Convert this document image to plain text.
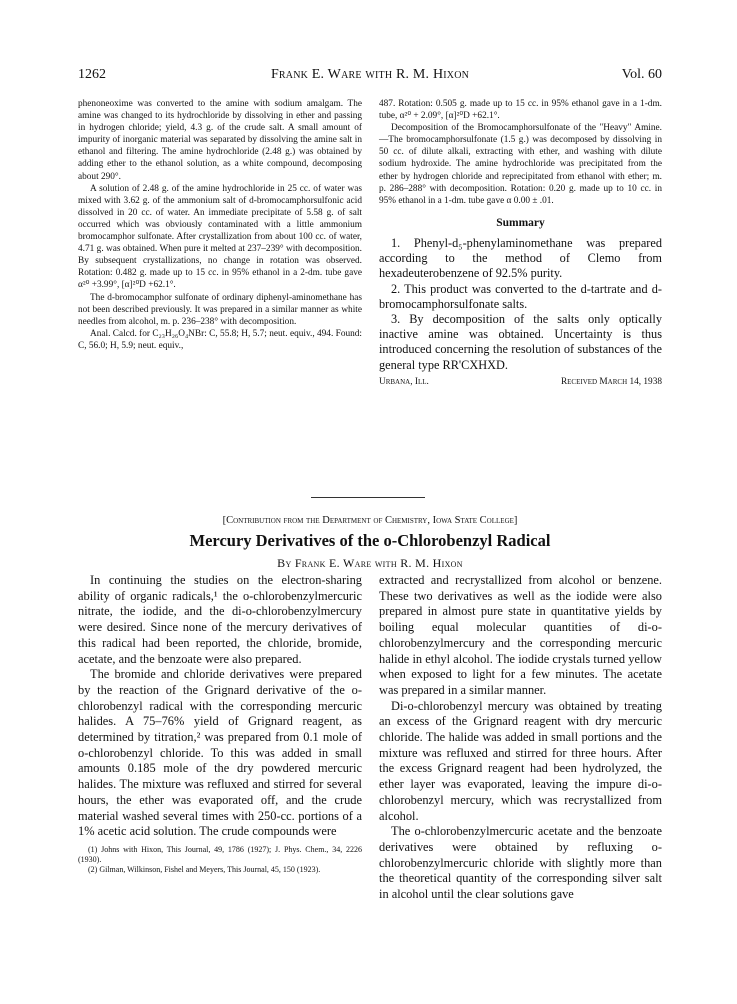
1262	Frank E. Ware with R. M. Hixon	Vol. 60

phenoneoxime was converted to the amine with sodium amalgam. The amine was changed to its hydrochloride by dissolving in ether and passing in hydrogen chloride; yield, 4.3 g. of the crude salt. A small amount of impurity of inorganic material was separated by dissolving the amine salt in ethanol and filtering. The amine hydrochloride (2.48 g.) was obtained by adding ether to the ethanol solution, as a white compound, decomposing about 290°.

A solution of 2.48 g. of the amine hydrochloride in 25 cc. of water was mixed with 3.62 g. of the ammonium salt of d-bromocamphorsulfonic acid dissolved in 20 cc. of water. An immediate precipitate of 5.58 g. of salt occurred which was obviously contaminated with a little ammonium bromocamphor sulfonate. After crystallization from about 100 cc. of water, 4.71 g. was obtained. When pure it melted at 237–239° with decomposition. By subsequent crystallizations, no change in rotation was observed. Rotation: 0.482 g. made up to 15 cc. in 95% ethanol in a 2-dm. tube gave α²⁰ +3.99°, [α]²⁰D +62.1°.

The d-bromocamphor sulfonate of ordinary diphenyl-aminomethane has not been described previously. It was prepared in a similar manner as white needles from alcohol, m. p. 236–238° with decomposition.

Anal. Calcd. for C₂₃H₂₆O₄NBr: C, 55.8; H, 5.7; neut. equiv., 494. Found: C, 56.0; H, 5.9; neut. equiv.,

487. Rotation: 0.505 g. made up to 15 cc. in 95% ethanol gave in a 1-dm. tube, α²⁰ + 2.09°, [α]²⁰D +62.1°.

Decomposition of the Bromocamphorsulfonate of the "Heavy" Amine.—The bromocamphorsulfonate (1.5 g.) was decomposed by dissolving in 50 cc. of dilute alkali, extracting with ether, and washing with dilute sodium hydroxide. The amine hydrochloride was precipitated from the ether by hydrogen chloride and reprecipitated from ethanol with ether; m. p. 286–288° with decomposition. Rotation: 0.20 g. made up to 10 cc. in 95% ethanol in a 1-dm. tube gave α 0.00 ± .01.

Summary

1. Phenyl-d₅-phenylaminomethane was prepared according to the method of Clemo from hexadeuterobenzene of 92.5% purity.

2. This product was converted to the d-tartrate and d-bromocamphorsulfonate salts.

3. By decomposition of the salts only optically inactive amine was obtained. Uncertainty is thus introduced concerning the resolution of substances of the general type RR'CXHXD.

Urbana, Ill.	Received March 14, 1938
[Contribution from the Department of Chemistry, Iowa State College]
Mercury Derivatives of the o-Chlorobenzyl Radical
By Frank E. Ware with R. M. Hixon

In continuing the studies on the electron-sharing ability of organic radicals,¹ the o-chlorobenzylmercuric nitrate, the iodide, and the di-o-chlorobenzylmercury were desired. Since none of the mercury derivatives of this radical had been reported, the chloride, bromide, acetate, and the benzoate were also prepared.

The bromide and chloride derivatives were prepared by the reaction of the Grignard derivative of the o-chlorobenzyl radical with the corresponding mercuric halides. A 75–76% yield of Grignard reagent, as determined by titration,² was prepared from 0.1 mole of o-chlorobenzyl chloride. To this was added in small amounts 0.185 mole of the dry powdered mercuric halides. The mixture was refluxed and stirred for several hours, the ether was evaporated off, and the crude material washed several times with 250-cc. portions of a 1% acetic acid solution. The crude compounds were

(1) Johns with Hixon, This Journal, 49, 1786 (1927); J. Phys. Chem., 34, 2226 (1930).

(2) Gilman, Wilkinson, Fishel and Meyers, This Journal, 45, 150 (1923).

extracted and recrystallized from alcohol or benzene. These two derivatives as well as the iodide were also prepared in almost pure state in quantitative yields by boiling equal molecular quantities of di-o-chlorobenzylmercury and the corresponding mercuric halide in ethyl alcohol. The iodide crystals turned yellow when exposed to light for a few minutes. The acetate was prepared in a similar manner.

Di-o-chlorobenzyl mercury was obtained by treating an excess of the Grignard reagent with dry mercuric chloride. The halide was added in small portions and the mixture was refluxed and stirred for three hours. After the excess Grignard reagent had been hydrolyzed, the ether layer was evaporated, leaving the impure di-o-chlorobenzyl mercury, which was recrystallized from alcohol.

The o-chlorobenzylmercuric acetate and the benzoate derivatives were obtained by refluxing o-chlorobenzylmercuric chloride with slightly more than the theoretical quantity of the corresponding silver salt in alcohol until the clear solutions gave
